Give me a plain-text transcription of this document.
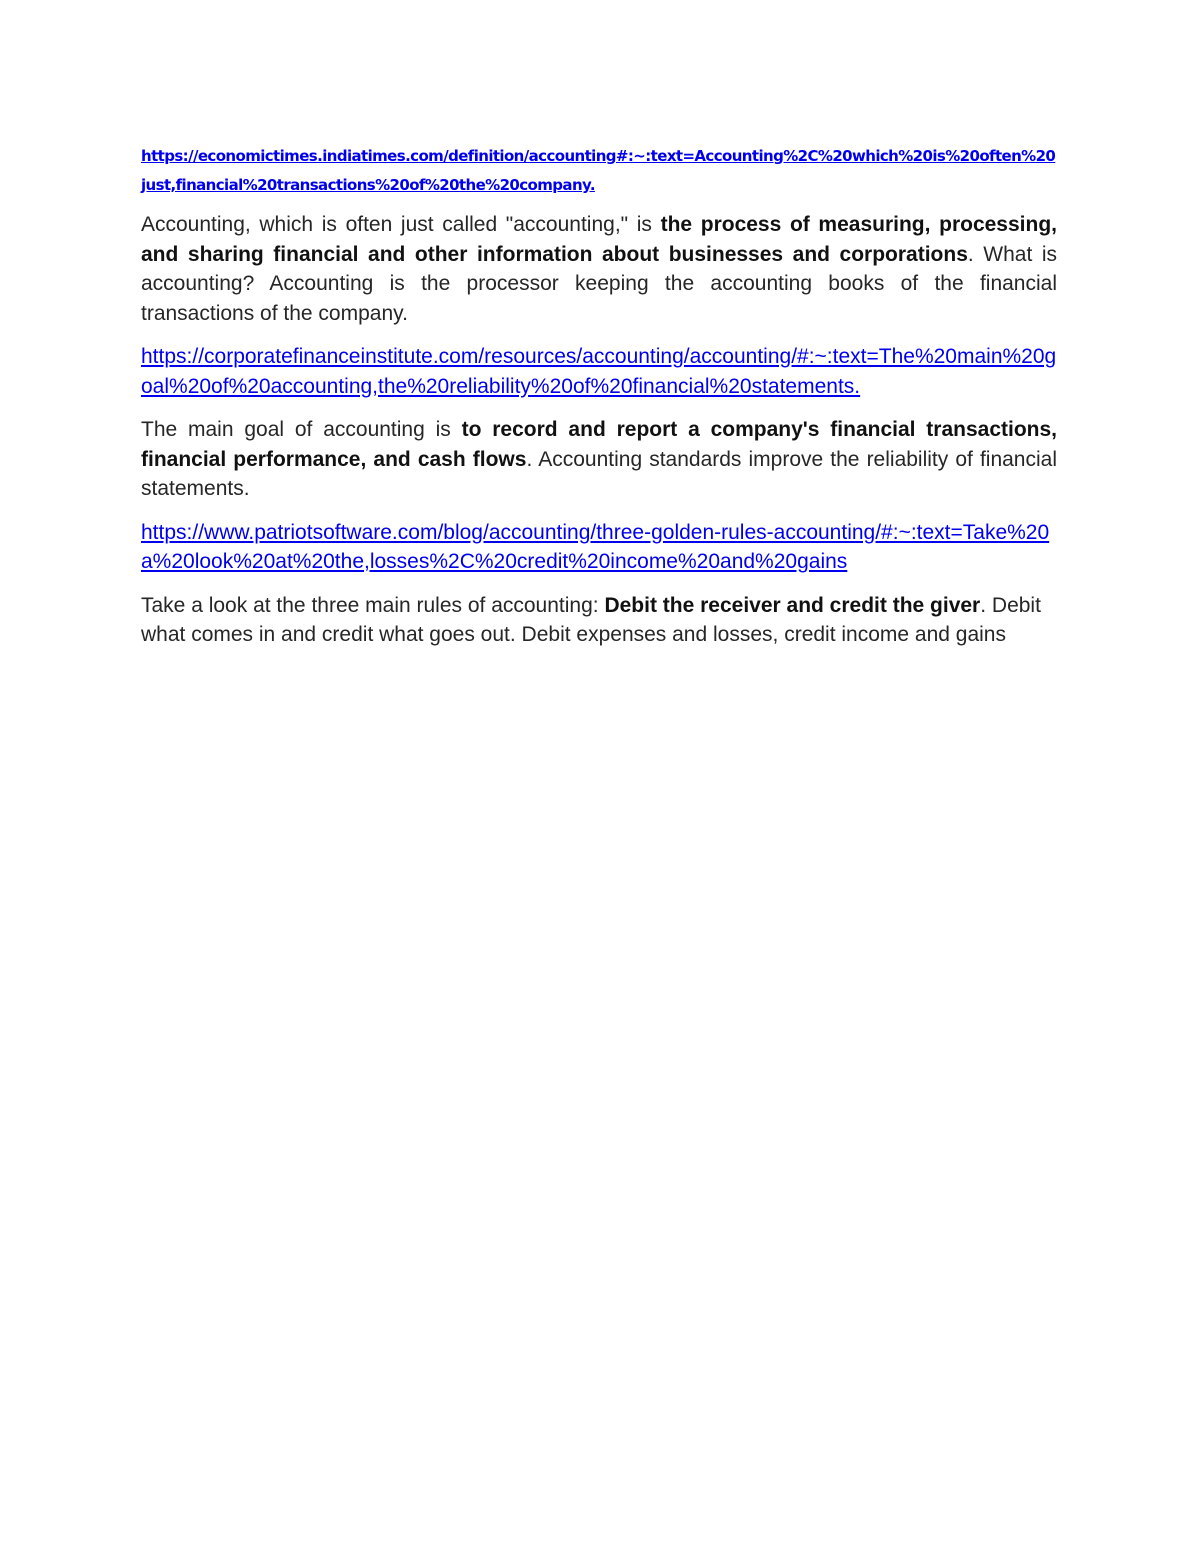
https://economictimes.indiatimes.com/definition/accounting#:~:text=Accounting%2C%20which%20is%20often%20just,financial%20transactions%20of%20the%20company.

Accounting, which is often just called "accounting," is the process of measuring, processing, and sharing financial and other information about businesses and corporations. What is accounting? Accounting is the processor keeping the accounting books of the financial transactions of the company.

https://corporatefinanceinstitute.com/resources/accounting/accounting/#:~:text=The%20main%20goal%20of%20accounting,the%20reliability%20of%20financial%20statements.

The main goal of accounting is to record and report a company's financial transactions, financial performance, and cash flows. Accounting standards improve the reliability of financial statements.

https://www.patriotsoftware.com/blog/accounting/three-golden-rules-accounting/#:~:text=Take%20a%20look%20at%20the,losses%2C%20credit%20income%20and%20gains

Take a look at the three main rules of accounting: Debit the receiver and credit the giver. Debit what comes in and credit what goes out. Debit expenses and losses, credit income and gains
